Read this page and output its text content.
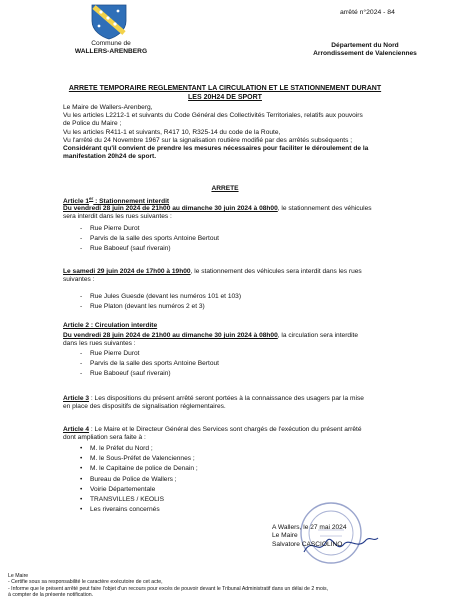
Commune de
WALLERS-ARENBERG
arrêté n°2024 - 84
Département du Nord
Arrondissement de Valenciennes
ARRETE TEMPORAIRE REGLEMENTANT LA CIRCULATION ET LE STATIONNEMENT DURANT
LES 20H24 DE SPORT
Le Maire de Wallers-Arenberg,
Vu les articles L2212-1 et suivants du Code Général des Collectivités Territoriales, relatifs aux pouvoirs
de Police du Maire ;
Vu les articles R411-1 et suivants, R417 10, R325-14 du code de la Route,
Vu l'arrêté du 24 Novembre 1967 sur la signalisation routière modifié par des arrêtés subséquents ;
Considérant qu'il convient de prendre les mesures nécessaires pour faciliter le déroulement de la
manifestation 20h24 de sport.
ARRETE
Article 1er : Stationnement interdit
Du vendredi 28 juin 2024 de 21h00 au dimanche 30 juin 2024 à 08h00, le stationnement des véhicules
sera interdit dans les rues suivantes :
- Rue Pierre Durot
- Parvis de la salle des sports Antoine Bertout
- Rue Baboeuf (sauf riverain)
Le samedi 29 juin 2024 de 17h00 à 19h00, le stationnement des véhicules sera interdit dans les rues
suivantes :
- Rue Jules Guesde (devant les numéros 101 et 103)
- Rue Platon (devant les numéros 2 et 3)
Article 2 : Circulation interdite
Du vendredi 28 juin 2024 de 21h00 au dimanche 30 juin 2024 à 08h00, la circulation sera interdite
dans les rues suivantes :
- Rue Pierre Durot
- Parvis de la salle des sports Antoine Bertout
- Rue Baboeuf (sauf riverain)
Article 3 : Les dispositions du présent arrêté seront portées à la connaissance des usagers par la mise
en place des dispositifs de signalisation réglementaires.
Article 4 : Le Maire et le Directeur Général des Services sont chargés de l'exécution du présent arrêté
dont ampliation sera faite à :
• M. le Préfet du Nord ;
• M. le Sous-Préfet de Valenciennes ;
• M. le Capitaine de police de Denain ;
• Bureau de Police de Wallers ;
• Voirie Départementale
• TRANSVILLES / KEOLIS
• Les riverains concernés
A Wallers, le 27 mai 2024
Le Maire
Salvatore CASCIOLINO
Le Maire
- Certifie sous sa responsabilité le caractère exécutoire de cet acte,
- Informe que le présent arrêté peut faire l'objet d'un recours pour excès de pouvoir devant le Tribunal Administratif dans un délai de 2 mois,
à compter de la présente notification.
